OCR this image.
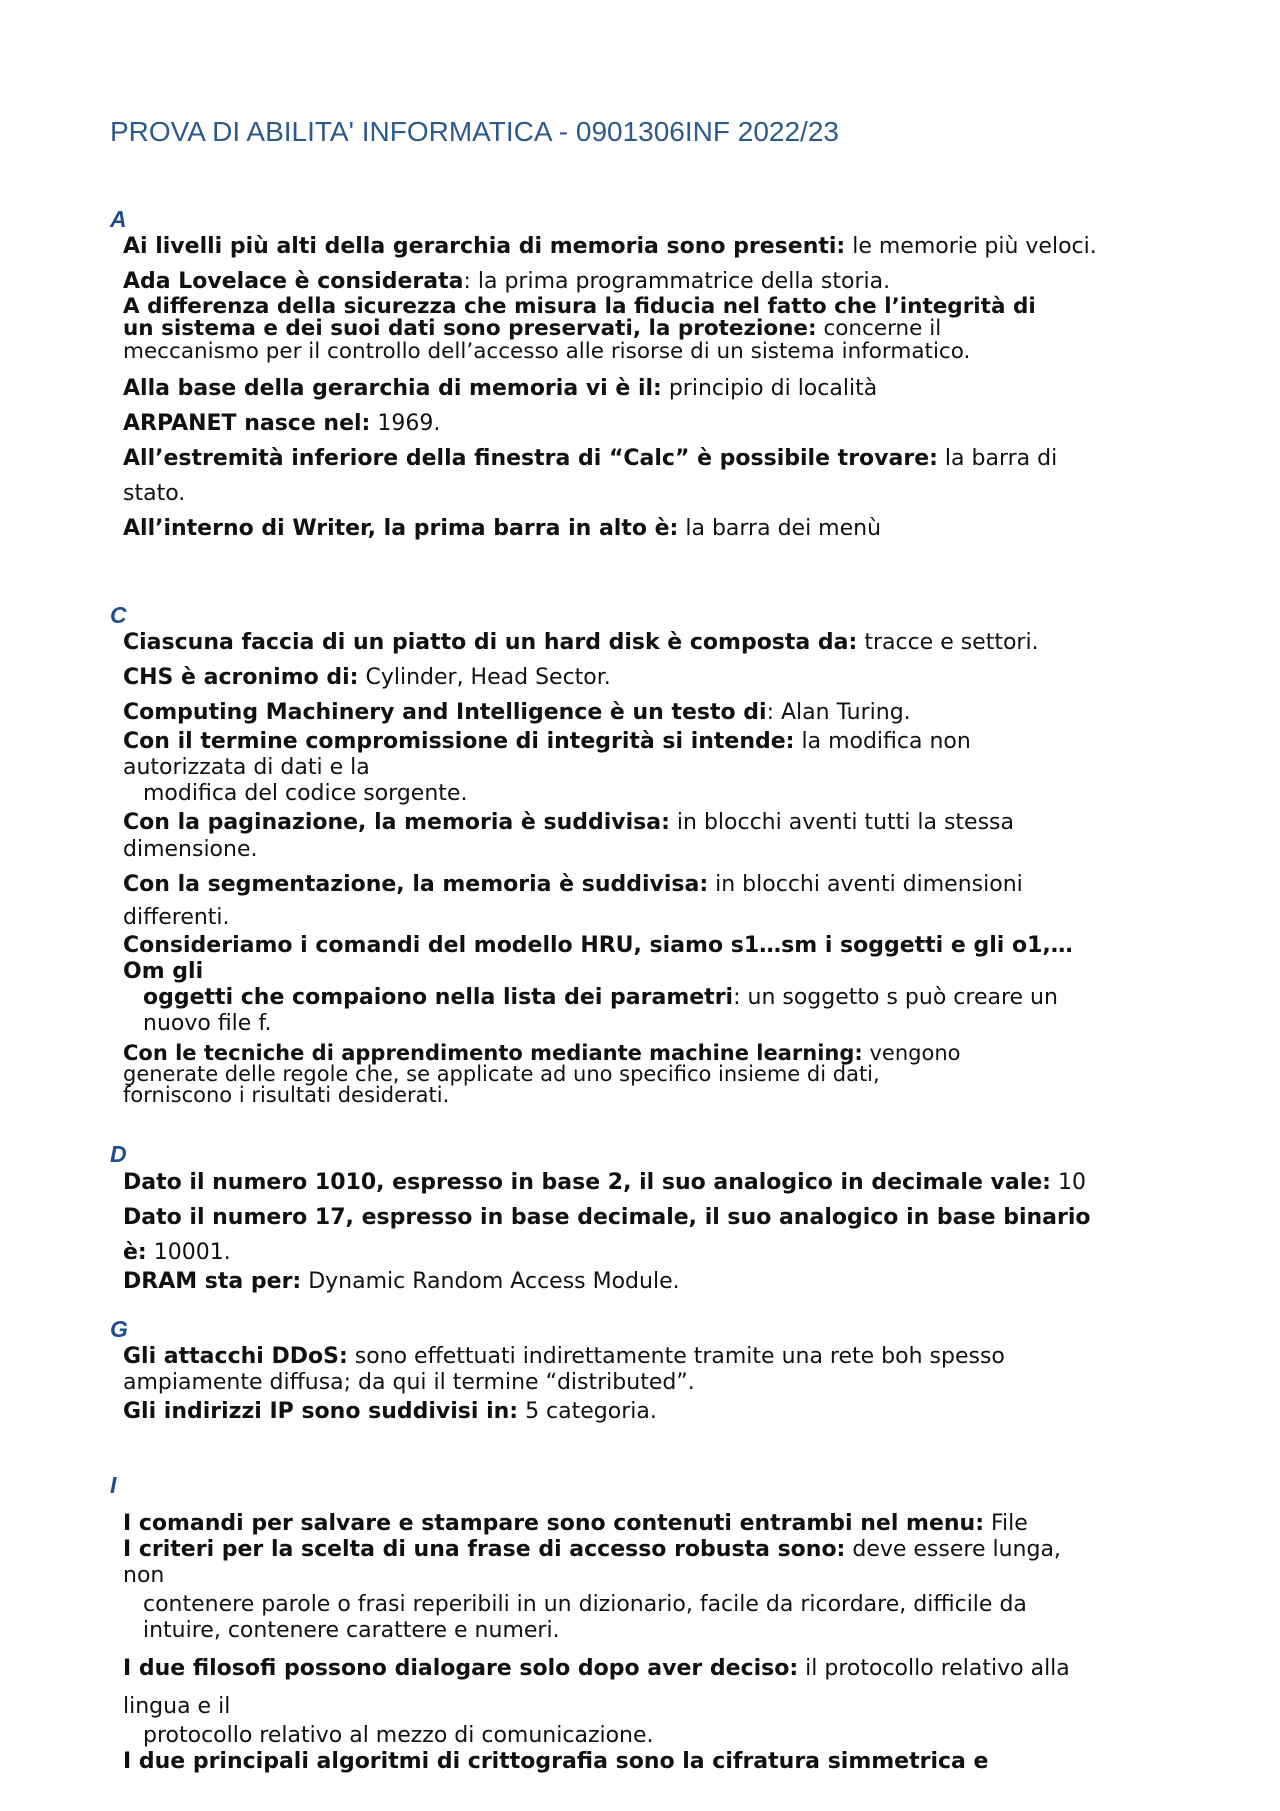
PROVA DI ABILITA' INFORMATICA - 0901306INF 2022/23
A
Ai livelli più alti della gerarchia di memoria sono presenti: le memorie più veloci.
Ada Lovelace è considerata: la prima programmatrice della storia.
A differenza della sicurezza che misura la fiducia nel fatto che l’integrità di
un sistema e dei suoi dati sono preservati, la protezione: concerne il
meccanismo per il controllo dell’accesso alle risorse di un sistema informatico.
Alla base della gerarchia di memoria vi è il: principio di località
ARPANET nasce nel: 1969.
All’estremità inferiore della finestra di “Calc” è possibile trovare: la barra di
stato.
All’interno di Writer, la prima barra in alto è: la barra dei menù
C
Ciascuna faccia di un piatto di un hard disk è composta da: tracce e settori.
CHS è acronimo di: Cylinder, Head Sector.
Computing Machinery and Intelligence è un testo di: Alan Turing.
Con il termine compromissione di integrità si intende: la modifica non
autorizzata di dati e la
modifica del codice sorgente.
Con la paginazione, la memoria è suddivisa: in blocchi aventi tutti la stessa
dimensione.
Con la segmentazione, la memoria è suddivisa: in blocchi aventi dimensioni
differenti.
Consideriamo i comandi del modello HRU, siamo s1…sm i soggetti e gli o1,…
Om gli
oggetti che compaiono nella lista dei parametri: un soggetto s può creare un
nuovo file f.
Con le tecniche di apprendimento mediante machine learning: vengono
generate delle regole che, se applicate ad uno specifico insieme di dati,
forniscono i risultati desiderati.
D
Dato il numero 1010, espresso in base 2, il suo analogico in decimale vale: 10
Dato il numero 17, espresso in base decimale, il suo analogico in base binario
è: 10001.
DRAM sta per: Dynamic Random Access Module.
G
Gli attacchi DDoS: sono effettuati indirettamente tramite una rete boh spesso
ampiamente diffusa; da qui il termine “distributed”.
Gli indirizzi IP sono suddivisi in: 5 categoria.
I
I comandi per salvare e stampare sono contenuti entrambi nel menu: File
I criteri per la scelta di una frase di accesso robusta sono: deve essere lunga,
non
contenere parole o frasi reperibili in un dizionario, facile da ricordare, difficile da
intuire, contenere carattere e numeri.
I due filosofi possono dialogare solo dopo aver deciso: il protocollo relativo alla
lingua e il
protocollo relativo al mezzo di comunicazione.
I due principali algoritmi di crittografia sono la cifratura simmetrica e
